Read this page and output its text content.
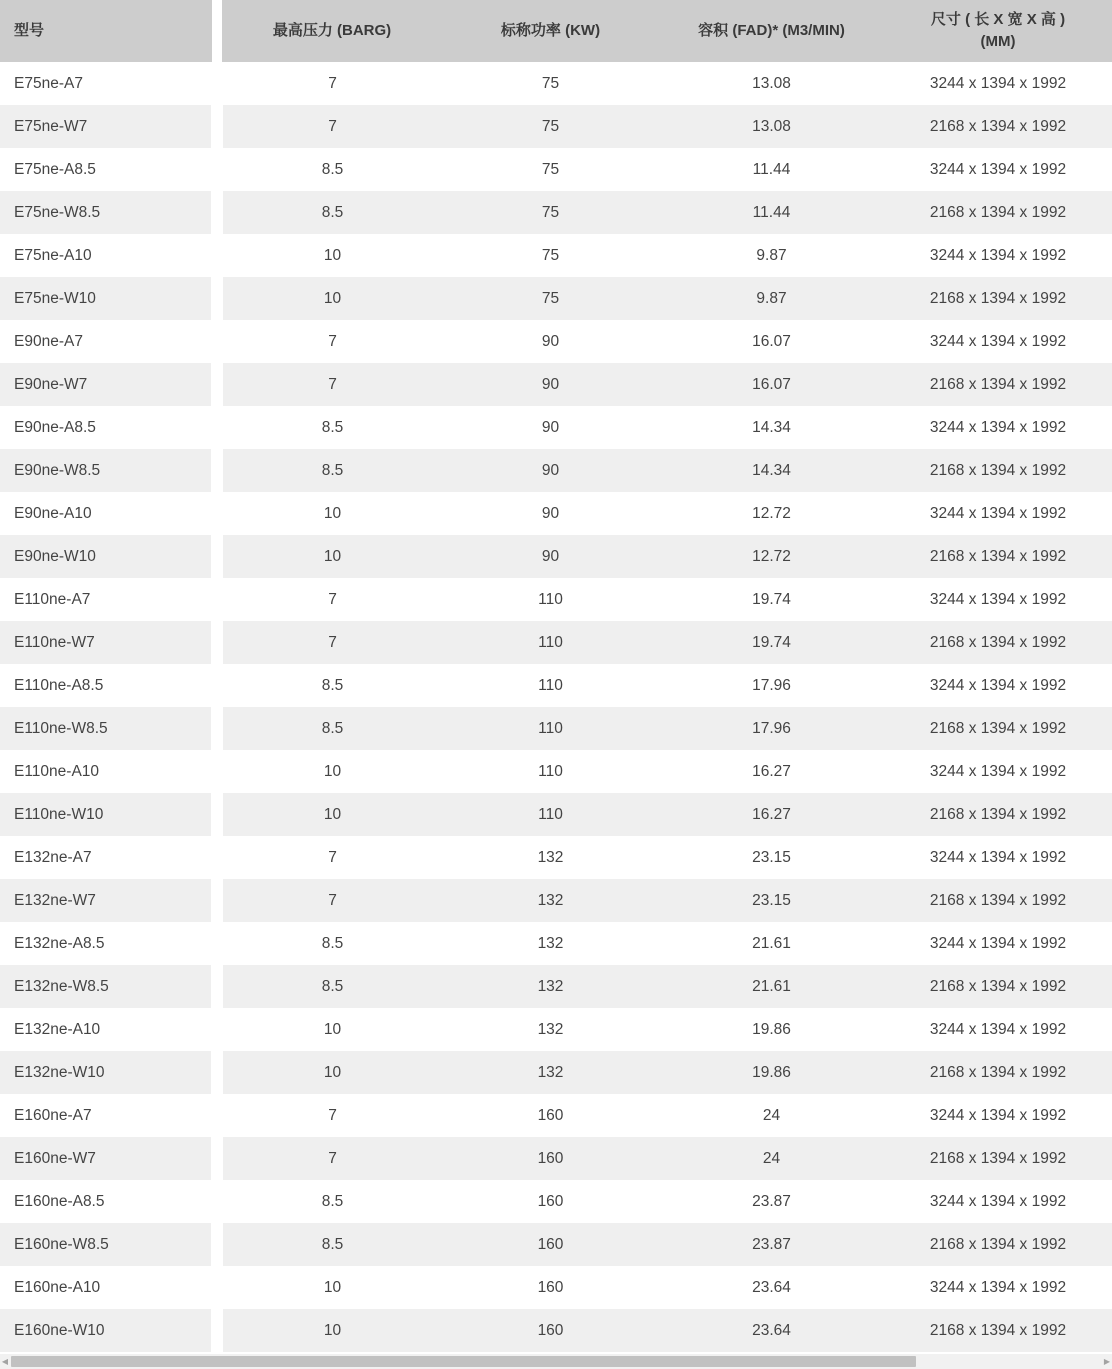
型号	最高压力 (BARG)	标称功率 (KW)	容积 (FAD)* (M3/MIN)	尺寸 ( 长 X 宽 X 高 )
(MM)
E75ne-A7	7	75	13.08	3244 x 1394 x 1992
E75ne-W7	7	75	13.08	2168 x 1394 x 1992
E75ne-A8.5	8.5	75	11.44	3244 x 1394 x 1992
E75ne-W8.5	8.5	75	11.44	2168 x 1394 x 1992
E75ne-A10	10	75	9.87	3244 x 1394 x 1992
E75ne-W10	10	75	9.87	2168 x 1394 x 1992
E90ne-A7	7	90	16.07	3244 x 1394 x 1992
E90ne-W7	7	90	16.07	2168 x 1394 x 1992
E90ne-A8.5	8.5	90	14.34	3244 x 1394 x 1992
E90ne-W8.5	8.5	90	14.34	2168 x 1394 x 1992
E90ne-A10	10	90	12.72	3244 x 1394 x 1992
E90ne-W10	10	90	12.72	2168 x 1394 x 1992
E110ne-A7	7	110	19.74	3244 x 1394 x 1992
E110ne-W7	7	110	19.74	2168 x 1394 x 1992
E110ne-A8.5	8.5	110	17.96	3244 x 1394 x 1992
E110ne-W8.5	8.5	110	17.96	2168 x 1394 x 1992
E110ne-A10	10	110	16.27	3244 x 1394 x 1992
E110ne-W10	10	110	16.27	2168 x 1394 x 1992
E132ne-A7	7	132	23.15	3244 x 1394 x 1992
E132ne-W7	7	132	23.15	2168 x 1394 x 1992
E132ne-A8.5	8.5	132	21.61	3244 x 1394 x 1992
E132ne-W8.5	8.5	132	21.61	2168 x 1394 x 1992
E132ne-A10	10	132	19.86	3244 x 1394 x 1992
E132ne-W10	10	132	19.86	2168 x 1394 x 1992
E160ne-A7	7	160	24	3244 x 1394 x 1992
E160ne-W7	7	160	24	2168 x 1394 x 1992
E160ne-A8.5	8.5	160	23.87	3244 x 1394 x 1992
E160ne-W8.5	8.5	160	23.87	2168 x 1394 x 1992
E160ne-A10	10	160	23.64	3244 x 1394 x 1992
E160ne-W10	10	160	23.64	2168 x 1394 x 1992
◀	▶
